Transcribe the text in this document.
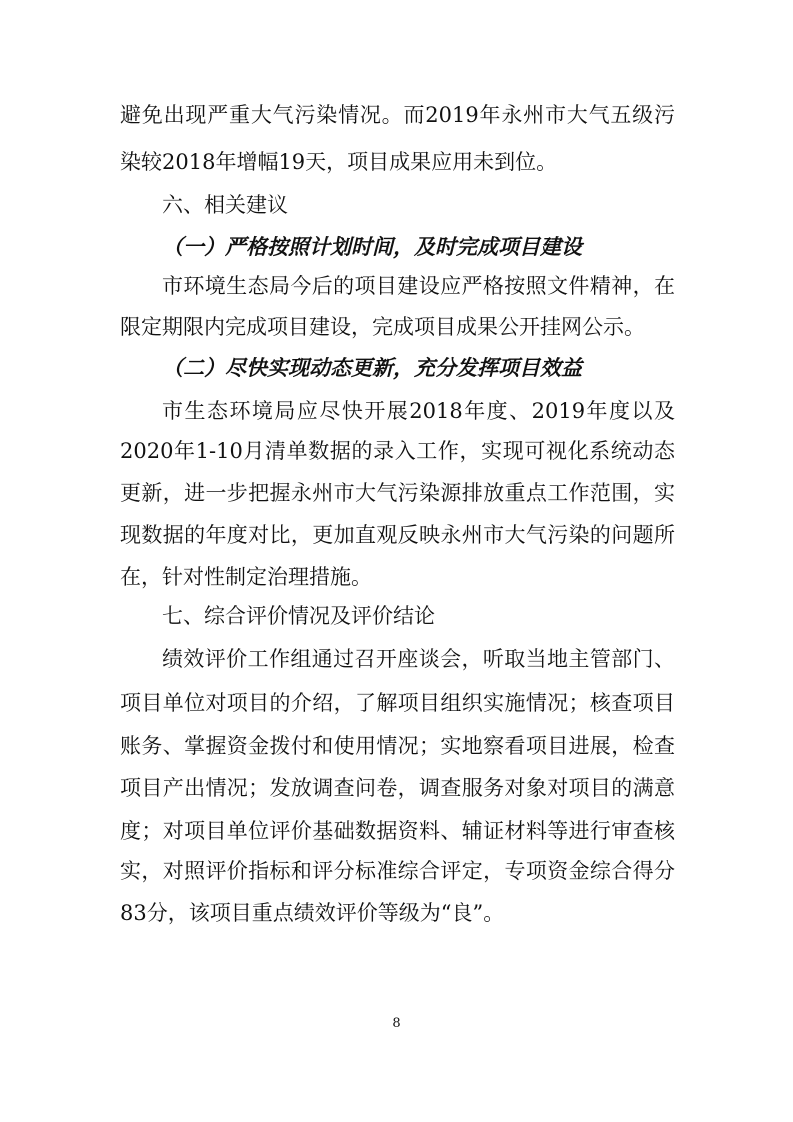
避免出现严重大气污染情况。而2019年永州市大气五级污
染较2018年增幅19天，项目成果应用未到位。
六、相关建议
（一）严格按照计划时间，及时完成项目建设
市环境生态局今后的项目建设应严格按照文件精神，在
限定期限内完成项目建设，完成项目成果公开挂网公示。
（二）尽快实现动态更新，充分发挥项目效益
市生态环境局应尽快开展2018年度、2019年度以及
2020年1-10月清单数据的录入工作，实现可视化系统动态
更新，进一步把握永州市大气污染源排放重点工作范围，实
现数据的年度对比，更加直观反映永州市大气污染的问题所
在，针对性制定治理措施。
七、综合评价情况及评价结论
绩效评价工作组通过召开座谈会，听取当地主管部门、
项目单位对项目的介绍，了解项目组织实施情况；核查项目
账务、掌握资金拨付和使用情况；实地察看项目进展，检查
项目产出情况；发放调查问卷，调查服务对象对项目的满意
度；对项目单位评价基础数据资料、辅证材料等进行审查核
实，对照评价指标和评分标准综合评定，专项资金综合得分
83分，该项目重点绩效评价等级为“良”。
8
